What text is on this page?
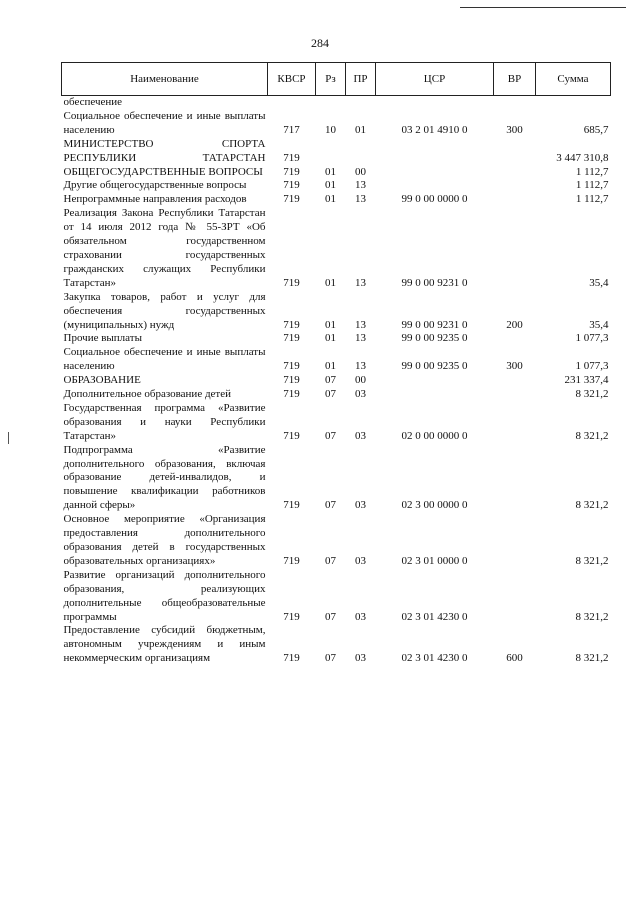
284
Наименование	КВСР	Рз	ПР	ЦСР	ВР	Сумма
обеспечение						
Социальное обеспечение и иные выплаты населению	717	10	01	03 2 01 4910 0	300	685,7
МИНИСТЕРСТВО СПОРТА РЕСПУБЛИКИ ТАТАРСТАН	719					3 447 310,8
ОБЩЕГОСУДАРСТВЕННЫЕ ВОПРОСЫ	719	01	00			1 112,7
Другие общегосударственные вопросы	719	01	13			1 112,7
Непрограммные направления расходов	719	01	13	99 0 00 0000 0		1 112,7
Реализация Закона Республики Татарстан от 14 июля 2012 года № 55-ЗРТ «Об обязательном государственном страховании государственных гражданских служащих Республики Татарстан»	719	01	13	99 0 00 9231 0		35,4
Закупка товаров, работ и услуг для обеспечения государственных (муниципальных) нужд	719	01	13	99 0 00 9231 0	200	35,4
Прочие выплаты	719	01	13	99 0 00 9235 0		1 077,3
Социальное обеспечение и иные выплаты населению	719	01	13	99 0 00 9235 0	300	1 077,3
ОБРАЗОВАНИЕ	719	07	00			231 337,4
Дополнительное образование детей	719	07	03			8 321,2
Государственная программа «Развитие образования и науки Республики Татарстан»	719	07	03	02 0 00 0000 0		8 321,2
Подпрограмма «Развитие дополнительного образования, включая образование детей-инвалидов, и повышение квалификации работников данной сферы»	719	07	03	02 3 00 0000 0		8 321,2
Основное мероприятие «Организация предоставления дополнительного образования детей в государственных образовательных организациях»	719	07	03	02 3 01 0000 0		8 321,2
Развитие организаций дополнительного образования, реализующих дополнительные общеобразовательные программы	719	07	03	02 3 01 4230 0		8 321,2
Предоставление субсидий бюджетным, автономным учреждениям и иным некоммерческим организациям	719	07	03	02 3 01 4230 0	600	8 321,2
